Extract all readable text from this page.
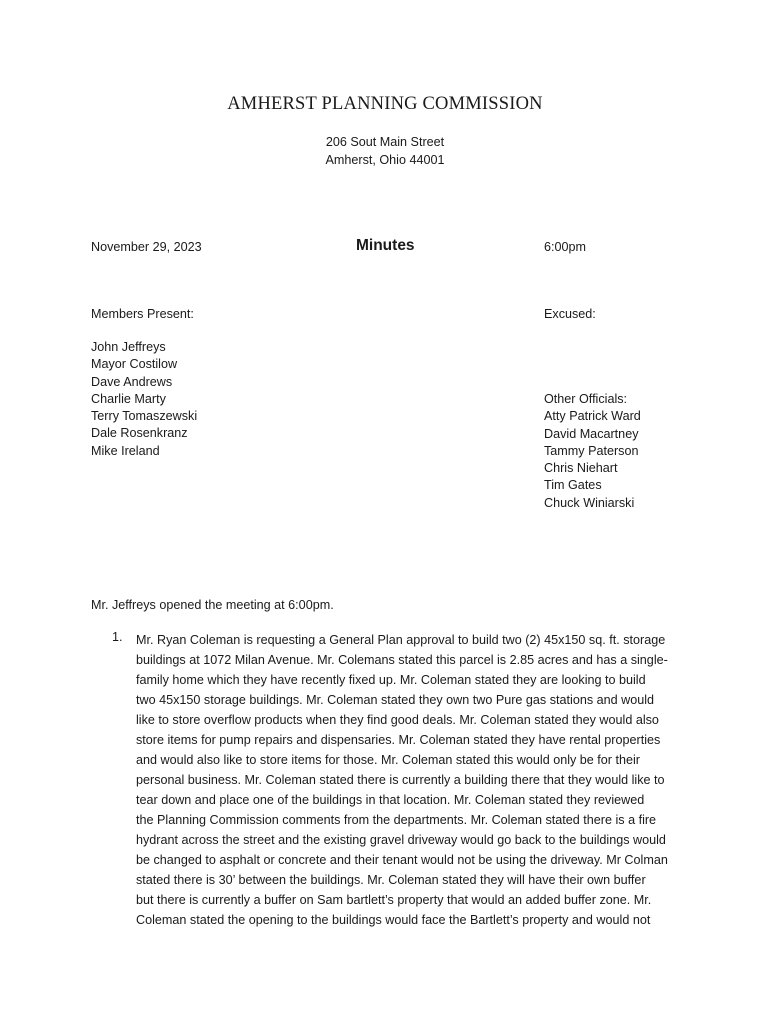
AMHERST PLANNING COMMISSION
206 Sout Main Street
Amherst, Ohio 44001
November 29, 2023	Minutes	6:00pm
Members Present:	Excused:
John Jeffreys
Mayor Costilow
Dave Andrews
Charlie Marty
Terry Tomaszewski
Dale Rosenkranz
Mike Ireland
Other Officials:
Atty Patrick Ward
David Macartney
Tammy Paterson
Chris Niehart
Tim Gates
Chuck Winiarski
Mr. Jeffreys opened the meeting at 6:00pm.
1. Mr. Ryan Coleman is requesting a General Plan approval to build two (2) 45x150 sq. ft. storage
buildings at 1072 Milan Avenue. Mr. Colemans stated this parcel is 2.85 acres and has a single-
family home which they have recently fixed up. Mr. Coleman stated they are looking to build
two 45x150 storage buildings. Mr. Coleman stated they own two Pure gas stations and would
like to store overflow products when they find good deals. Mr. Coleman stated they would also
store items for pump repairs and dispensaries. Mr. Coleman stated they have rental properties
and would also like to store items for those. Mr. Coleman stated this would only be for their
personal business. Mr. Coleman stated there is currently a building there that they would like to
tear down and place one of the buildings in that location. Mr. Coleman stated they reviewed
the Planning Commission comments from the departments. Mr. Coleman stated there is a fire
hydrant across the street and the existing gravel driveway would go back to the buildings would
be changed to asphalt or concrete and their tenant would not be using the driveway. Mr Colman
stated there is 30’ between the buildings. Mr. Coleman stated they will have their own buffer
but there is currently a buffer on Sam bartlett’s property that would an added buffer zone. Mr.
Coleman stated the opening to the buildings would face the Bartlett’s property and would not
